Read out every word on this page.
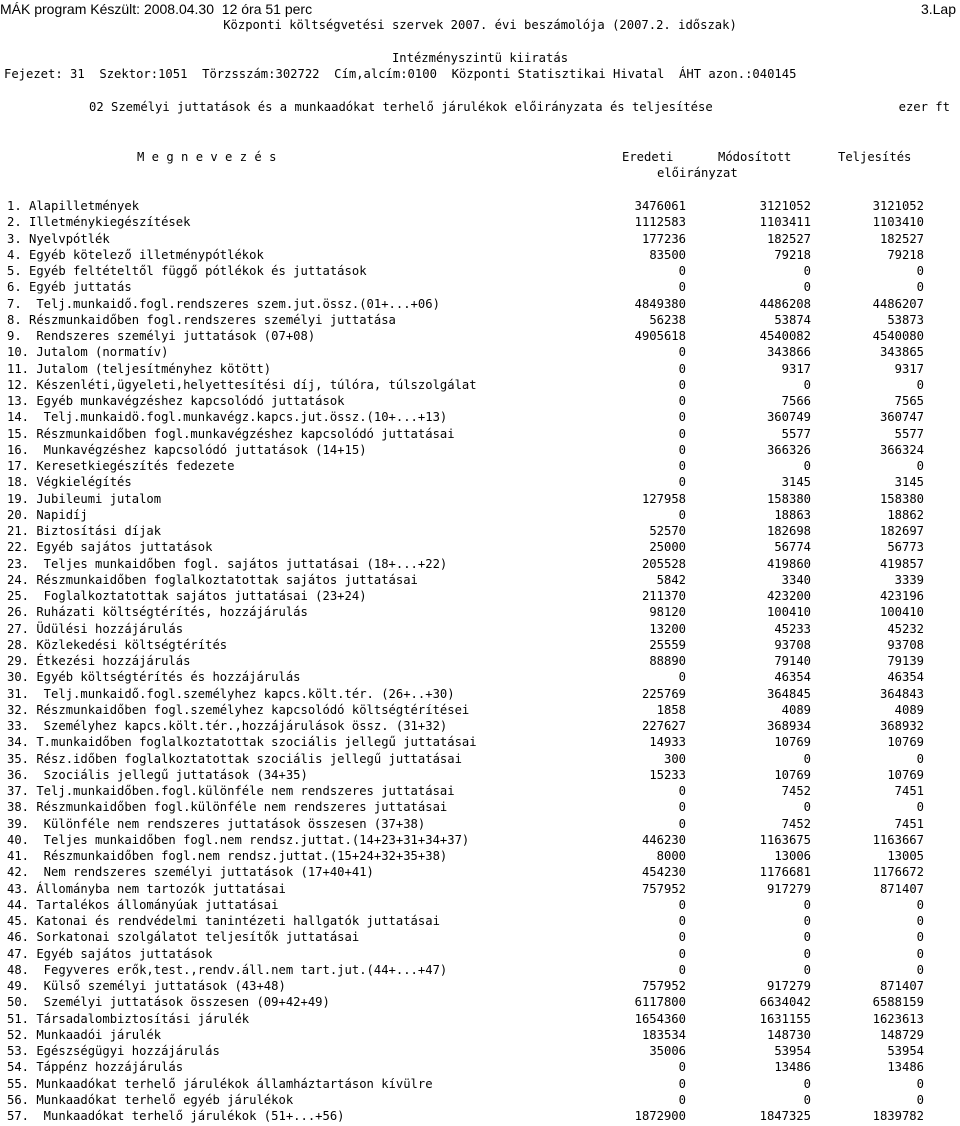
MÁK program Készült: 2008.04.30  12 óra 51 perc	3.Lap
Központi költségvetési szervek 2007. évi beszámolója (2007.2. időszak)
Intézményszintü kiiratás
Fejezet: 31  Szektor:1051  Törzsszám:302722  Cím,alcím:0100  Központi Statisztikai Hivatal  ÁHT azon.:040145
02 Személyi juttatások és a munkaadókat terhelő járulékok előirányzata és teljesítése	ezer ft
M e g n e v e z é s	Eredeti
előirányzat
Módosított	Teljesítés
1. Alapilletmények	3476061	3121052	3121052
2. Illetménykiegészítések	1112583	1103411	1103410
3. Nyelvpótlék	177236	182527	182527
4. Egyéb kötelező illetménypótlékok	83500	79218	79218
5. Egyéb feltételtől függő pótlékok és juttatások	0	0	0
6. Egyéb juttatás	0	0	0
7.  Telj.munkaidő.fogl.rendszeres szem.jut.össz.(01+...+06)	4849380	4486208	4486207
8. Részmunkaidőben fogl.rendszeres személyi juttatása	56238	53874	53873
9.  Rendszeres személyi juttatások (07+08)	4905618	4540082	4540080
10. Jutalom (normatív)	0	343866	343865
11. Jutalom (teljesítményhez kötött)	0	9317	9317
12. Készenléti,ügyeleti,helyettesítési díj, túlóra, túlszolgálat	0	0	0
13. Egyéb munkavégzéshez kapcsolódó juttatások	0	7566	7565
14.  Telj.munkaidö.fogl.munkavégz.kapcs.jut.össz.(10+...+13)	0	360749	360747
15. Részmunkaidőben fogl.munkavégzéshez kapcsolódó juttatásai	0	5577	5577
16.  Munkavégzéshez kapcsolódó juttatások (14+15)	0	366326	366324
17. Keresetkiegészítés fedezete	0	0	0
18. Végkielégítés	0	3145	3145
19. Jubileumi jutalom	127958	158380	158380
20. Napidíj	0	18863	18862
21. Biztosítási díjak	52570	182698	182697
22. Egyéb sajátos juttatások	25000	56774	56773
23.  Teljes munkaidőben fogl. sajátos juttatásai (18+...+22)	205528	419860	419857
24. Részmunkaidőben foglalkoztatottak sajátos juttatásai	5842	3340	3339
25.  Foglalkoztatottak sajátos juttatásai (23+24)	211370	423200	423196
26. Ruházati költségtérítés, hozzájárulás	98120	100410	100410
27. Üdülési hozzájárulás	13200	45233	45232
28. Közlekedési költségtérítés	25559	93708	93708
29. Étkezési hozzájárulás	88890	79140	79139
30. Egyéb költségtérítés és hozzájárulás	0	46354	46354
31.  Telj.munkaidő.fogl.személyhez kapcs.költ.tér. (26+..+30)	225769	364845	364843
32. Részmunkaidőben fogl.személyhez kapcsolódó költségtérítései	1858	4089	4089
33.  Személyhez kapcs.költ.tér.,hozzájárulások össz. (31+32)	227627	368934	368932
34. T.munkaidőben foglalkoztatottak szociális jellegű juttatásai	14933	10769	10769
35. Rész.időben foglalkoztatottak szociális jellegű juttatásai	300	0	0
36.  Szociális jellegű juttatások (34+35)	15233	10769	10769
37. Telj.munkaidőben.fogl.különféle nem rendszeres juttatásai	0	7452	7451
38. Részmunkaidőben fogl.különféle nem rendszeres juttatásai	0	0	0
39.  Különféle nem rendszeres juttatások összesen (37+38)	0	7452	7451
40.  Teljes munkaidőben fogl.nem rendsz.juttat.(14+23+31+34+37)	446230	1163675	1163667
41.  Részmunkaidőben fogl.nem rendsz.juttat.(15+24+32+35+38)	8000	13006	13005
42.  Nem rendszeres személyi juttatások (17+40+41)	454230	1176681	1176672
43. Állományba nem tartozók juttatásai	757952	917279	871407
44. Tartalékos állományúak juttatásai	0	0	0
45. Katonai és rendvédelmi tanintézeti hallgatók juttatásai	0	0	0
46. Sorkatonai szolgálatot teljesítők juttatásai	0	0	0
47. Egyéb sajátos juttatások	0	0	0
48.  Fegyveres erők,test.,rendv.áll.nem tart.jut.(44+...+47)	0	0	0
49.  Külső személyi juttatások (43+48)	757952	917279	871407
50.  Személyi juttatások összesen (09+42+49)	6117800	6634042	6588159
51. Társadalombiztosítási járulék	1654360	1631155	1623613
52. Munkaadói járulék	183534	148730	148729
53. Egészségügyi hozzájárulás	35006	53954	53954
54. Táppénz hozzájárulás	0	13486	13486
55. Munkaadókat terhelő járulékok államháztartáson kívülre	0	0	0
56. Munkaadókat terhelő egyéb járulékok	0	0	0
57.  Munkaadókat terhelő járulékok (51+...+56)	1872900	1847325	1839782
